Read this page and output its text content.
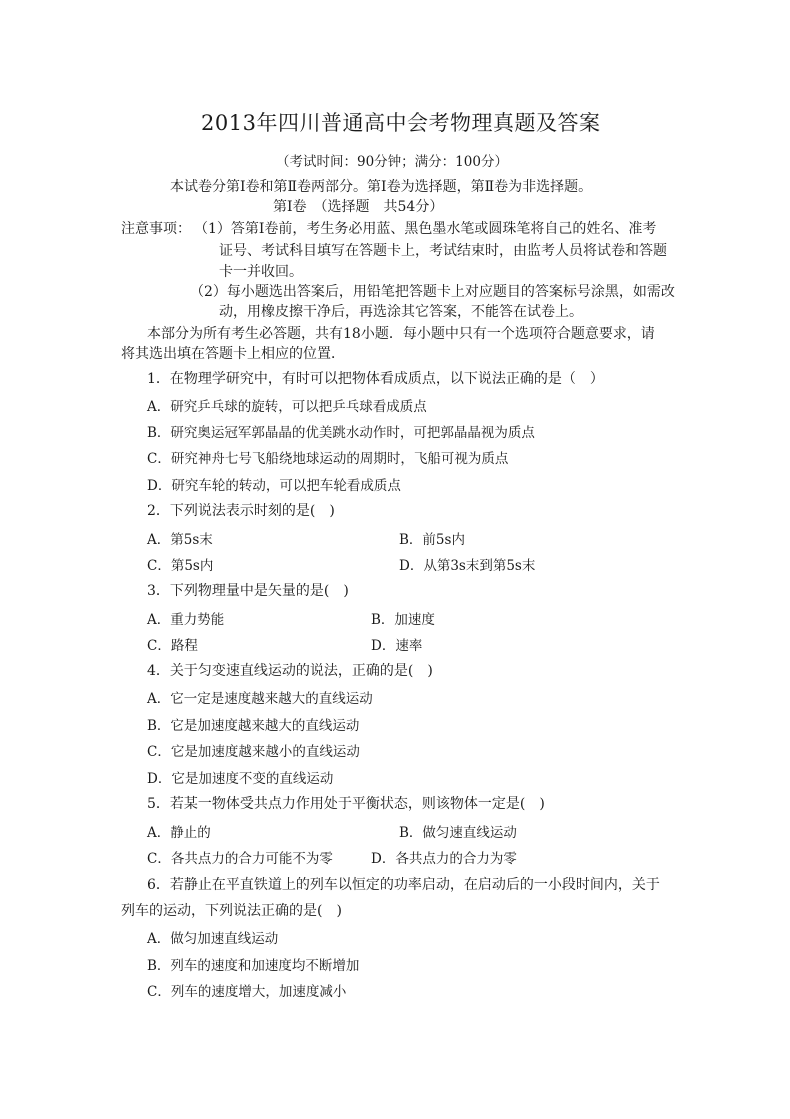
2013年四川普通高中会考物理真题及答案
（考试时间：90分钟；满分：100分）
本试卷分第Ⅰ卷和第Ⅱ卷两部分。第Ⅰ卷为选择题，第Ⅱ卷为非选择题。
第Ⅰ卷　（选择题　共54分）
注意事项： （1）答第Ⅰ卷前，考生务必用蓝、黑色墨水笔或圆珠笔将自己的姓名、准考
证号、考试科目填写在答题卡上，考试结束时，由监考人员将试卷和答题
卡一并收回。
（2）每小题选出答案后，用铅笔把答题卡上对应题目的答案标号涂黑，如需改
动，用橡皮擦干净后，再选涂其它答案，不能答在试卷上。
本部分为所有考生必答题，共有18小题．每小题中只有一个选项符合题意要求，请
将其选出填在答题卡上相应的位置．
1．在物理学研究中，有时可以把物体看成质点，以下说法正确的是（　）
A．研究乒乓球的旋转，可以把乒乓球看成质点
B．研究奥运冠军郭晶晶的优美跳水动作时，可把郭晶晶视为质点
C．研究神舟七号飞船绕地球运动的周期时，飞船可视为质点
D．研究车轮的转动，可以把车轮看成质点
2．下列说法表示时刻的是(　)
A．第5s末	B．前5s内
C．第5s内	D．从第3s末到第5s末
3．下列物理量中是矢量的是(　)
A．重力势能	B．加速度
C．路程	D．速率
4．关于匀变速直线运动的说法，正确的是(　)
A．它一定是速度越来越大的直线运动
B．它是加速度越来越大的直线运动
C．它是加速度越来越小的直线运动
D．它是加速度不变的直线运动
5．若某一物体受共点力作用处于平衡状态，则该物体一定是(　)
A．静止的	B．做匀速直线运动
C．各共点力的合力可能不为零	D．各共点力的合力为零
6．若静止在平直铁道上的列车以恒定的功率启动，在启动后的一小段时间内，关于
列车的运动，下列说法正确的是(　)
A．做匀加速直线运动
B．列车的速度和加速度均不断增加
C．列车的速度增大，加速度减小
